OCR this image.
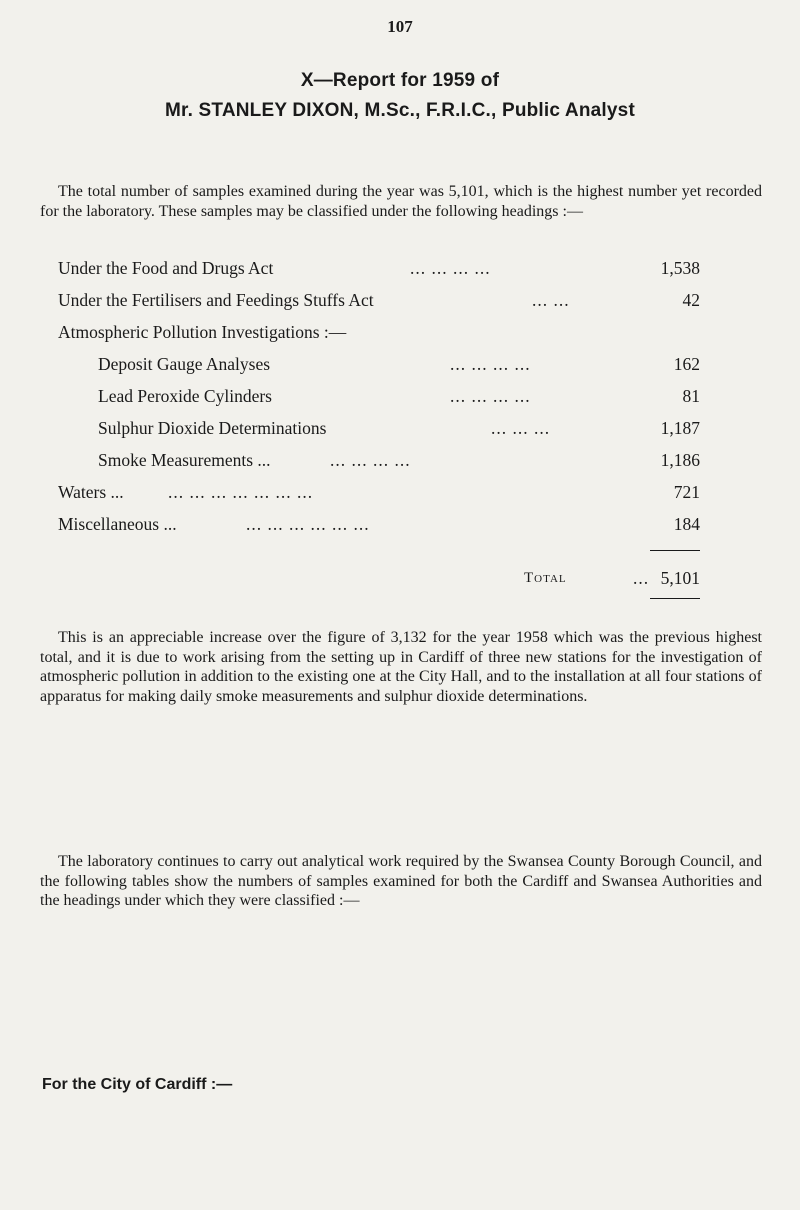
107
X—Report for 1959 of
Mr. STANLEY DIXON, M.Sc., F.R.I.C., Public Analyst
The total number of samples examined during the year was 5,101, which is the highest number yet recorded for the laboratory. These samples may be classified under the following headings :—
Under the Food and Drugs Act	... ... ... ...	1,538
Under the Fertilisers and Feedings Stuffs Act	... ...	42
Atmospheric Pollution Investigations :—
Deposit Gauge Analyses	... ... ... ...	162
Lead Peroxide Cylinders	... ... ... ...	81
Sulphur Dioxide Determinations	... ... ...	1,187
Smoke Measurements ...	... ... ... ...	1,186
Waters ...	... ... ... ... ... ... ...	721
Miscellaneous ...	... ... ... ... ... ...	184
Total	... 5,101
This is an appreciable increase over the figure of 3,132 for the year 1958 which was the previous highest total, and it is due to work arising from the setting up in Cardiff of three new stations for the investigation of atmospheric pollution in addition to the existing one at the City Hall, and to the installation at all four stations of apparatus for making daily smoke measurements and sulphur dioxide determinations.
The laboratory continues to carry out analytical work required by the Swansea County Borough Council, and the following tables show the numbers of samples examined for both the Cardiff and Swansea Authorities and the headings under which they were classified :—
For the City of Cardiff :—
